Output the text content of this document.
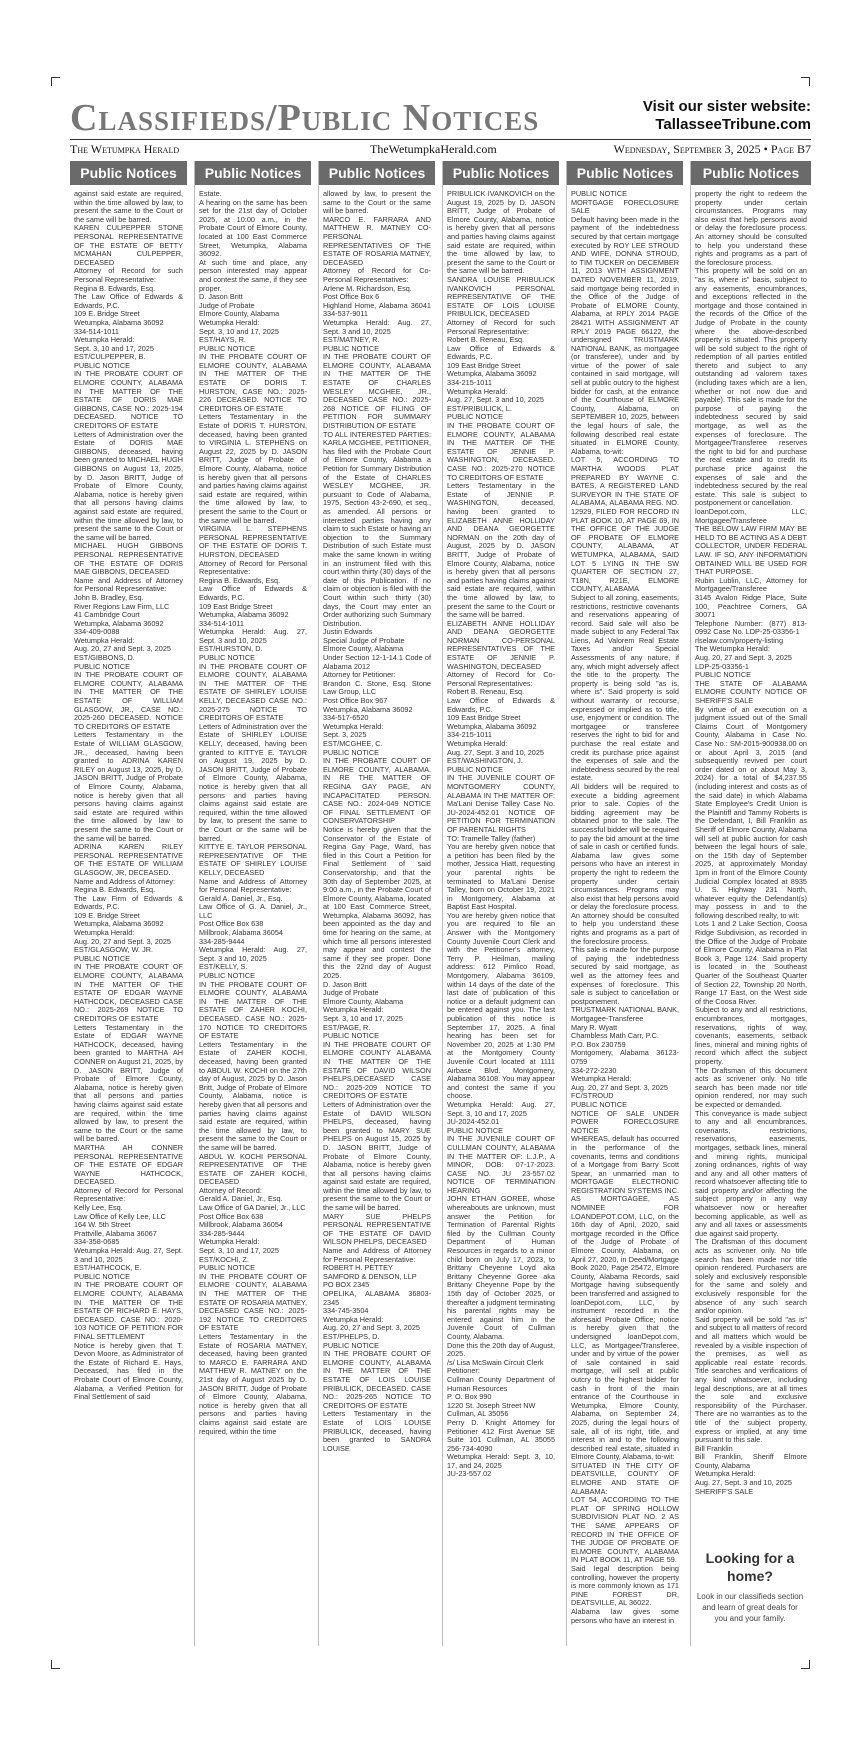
Classifieds/Public Notices	Visit our sister website:
TallasseeTribune.com
The Wetumpka Herald	TheWetumpkaHerald.com	Wednesday, September 3, 2025 • Page B7
Public Notices
against said estate are required, within the time allowed by law, to present the same to the Court or the same will be barred.
KAREN CULPEPPER STONE PERSONAL REPRESENTATIVE OF THE ESTATE OF BETTY MCMAHAN CULPEPPER, DECEASED
Attorney of Record for such Personal Representative:
Regina B. Edwards, Esq.
The Law Office of Edwards & Edwards, P.C.
109 E. Bridge Street
Wetumpka, Alabama 36092
334-514-1011
Wetumpka Herald:
Sept. 3, 10 and 17, 2025
EST/CULPEPPER, B.
PUBLIC NOTICE
IN THE PROBATE COURT OF ELMORE COUNTY, ALABAMA IN THE MATTER OF THE ESTATE OF DORIS MAE GIBBONS, CASE NO.: 2025-194 DECEASED. NOTICE TO CREDITORS OF ESTATE
Letters of Administration over the Estate of DORIS MAE GIBBONS, deceased, having been granted to MICHAEL HUGH GIBBONS on August 13, 2025, by D. Jason BRITT, Judge of Probate of Elmore County, Alabama, notice is hereby given that all persons having claims against said estate are required, within the time allowed by law, to present the same to the Court or the same will be barred.
MICHAEL HUGH GIBBONS PERSONAL REPRESENTATIVE OF THE ESTATE OF DORIS MAE GIBBONS, DECEASED
Name and Address of Attorney for Personal Representative:
John B. Bradley, Esq.
River Regions Law Firm, LLC
41 Cambridge Court
Wetumpka, Alabama 36092
334-409-0088
Wetumpka Herald:
Aug. 20, 27 and Sept. 3, 2025
EST/GIBBONS, D.
PUBLIC NOTICE
IN THE PROBATE COURT OF ELMORE COUNTY, ALABAMA IN THE MATTER OF THE ESTATE OF WILLIAM GLASGOW, JR., CASE NO.: 2025-260 DECEASED. NOTICE TO CREDITORS OF ESTATE
Letters Testamentary in the Estate of WILLIAM GLASGOW, JR., deceased, having been granted to ADRINA KAREN RILEY on August 13, 2025, by D. JASON BRITT, Judge of Probate of Elmore County, Alabama, notice is hereby given that all persons having claims against said estate are required within the time allowed by law to present the same to the Court or the same will be barred.
ADRINA KAREN RILEY PERSONAL REPRESENTATIVE OF THE ESTATE OF WILLIAM GLASGOW, JR, DECEASED.
Name and Address of Attorney:
Regina B. Edwards, Esq.
The Law Firm of Edwards & Edwards, P.C.
109 E. Bridge Street
Wetumpka, Alabama 36092
Wetumpka Herald:
Aug. 20, 27 and Sept. 3, 2025
EST/GLASGOW, W. JR.
PUBLIC NOTICE
IN THE PROBATE COURT OF ELMORE COUNTY, ALABAMA IN THE MATTER OF THE ESTATE OF EDGAR WAYNE HATHCOCK, DECEASED CASE NO.: 2025-269 NOTICE TO CREDITORS OF ESTATE
Letters Testamentary in the Estate of EDGAR WAYNE HATHCOCK, deceased, having been granted to MARTHA AH CONNER on August 21, 2025, by D. JASON BRITT, Judge of Probate of Elmore County, Alabama, notice is hereby given that all persons and parties having claims against said estate are required, within the time allowed by law, to present the same to the Court or the same will be barred.
MARTHA AH CONNER PERSONAL REPRESENTATIVE OF THE ESTATE OF EDGAR WAYNE HATHCOCK, DECEASED.
Attorney of Record for Personal Representative:
Kelly Lee, Esq.
Law Office of Kelly Lee, LLC
164 W. 5th Street
Prattville, Alabama 36067
334-358-0685
Wetumpka Herald: Aug. 27, Sept. 3 and 10, 2025
EST/HATHCOCK, E.
PUBLIC NOTICE
IN THE PROBATE COURT OF ELMORE COUNTY, ALABAMA IN THE MATTER OF THE ESTATE OF RICHARD E. HAYS, DECEASED. CASE NO.: 2020-103 NOTICE OF PETITION FOR FINAL SETTLEMENT
Notice is hereby given that T. Devon Moore, as Administrator of the Estate of Richard E. Hays, Deceased, has filed in the Probate Court of Elmore County, Alabama, a Verified Petition for Final Settlement of said
Public Notices
Estate.
A hearing on the same has been set for the 21st day of October 2025, at 10:00 a.m., in the Probate Court of Elmore County, located at 100 East Commerce Street, Wetumpka, Alabama 36092.
At such time and place, any person interested may appear and contest the same, if they see proper.
D. Jason Britt
Judge of Probate
Elmore County, Alabama
Wetumpka Herald:
Sept. 3, 10 and 17, 2025
EST/HAYS, R.
PUBLIC NOTICE
IN THE PROBATE COURT OF ELMORE COUNTY, ALABAMA IN THE MATTER OF THE ESTATE OF DORIS T. HURSTON, CASE NO.: 2025-226 DECEASED. NOTICE TO CREDITORS OF ESTATE
Letters Testamentary in the Estate of DORIS T. HURSTON, deceased, having been granted to VIRGINIA L. STEPHENS on August 22, 2025 by D. JASON BRITT, Judge of Probate of Elmore County, Alabama, notice is hereby given that all persons and parties having claims against said estate are required, within the time allowed by law, to present the same to the Court or the same will be barred.
VIRGINIA L. STEPHENS PERSONAL REPRESENTATIVE OF THE ESTATE OF DORIS T. HURSTON, DECEASED
Attorney of Record for Personal Representative:
Regina B. Edwards, Esq.
Law Office of Edwards & Edwards, P.C.
109 East Bridge Street
Wetumpka, Alabama 36092
334-514-1011
Wetumpka Herald: Aug. 27, Sept. 3 and 10, 2025
EST/HURSTON, D.
PUBLIC NOTICE
IN THE PROBATE COURT OF ELMORE COUNTY, ALABAMA IN THE MATTER OF THE ESTATE OF SHIRLEY LOUISE KELLY, DECEASED CASE NO.: 2025-275 NOTICE TO CREDITORS OF ESTATE
Letters of Administration over the Estate of SHIRLEY LOUISE KELLY, deceased, having been granted to KITTYE E. TAYLOR on August 19, 2025 by D. JASON BRITT, Judge of Probate of Elmore County, Alabama, notice is hereby given that all persons and parties having claims against said estate are required, within the time allowed by law, to present the same to the Court or the same will be barred.
KITTYE E. TAYLOR PERSONAL REPRESENTATIVE OF THE ESTATE OF SHIRLEY LOUISE KELLY, DECEASED
Name and Address of Attorney for Personal Representative:
Gerald A. Daniel, Jr., Esq.
Law Office of G. A. Daniel, Jr., LLC
Post Office Box 638
Millbrook, Alabama 36054
334-285-9444
Wetumpka Herald: Aug. 27, Sept. 3 and 10, 2025
EST/KELLY, S.
PUBLIC NOTICE
IN THE PROBATE COURT OF ELMORE COUNTY, ALABAMA IN THE MATTER OF THE ESTATE OF ZAHER KOCHI, DECEASED. CASE NO.: 2025-170 NOTICE TO CREDITORS OF ESTATE
Letters Testamentary in the Estate of ZAHER KOCHI, deceased, having been granted to ABDUL W. KOCHI on the 27th day of August, 2025 by D. Jason Britt, Judge of Probate of Elmore County, Alabama, notice is hereby given that all persons and parties having claims against said estate are required, within the time allowed by law, to present the same to the Court or the same will be barred.
ABDUL W. KOCHI PERSONAL REPRESENTATIVE OF THE ESTATE OF ZAHER KOCHI, DECEASED
Attorney of Record:
Gerald A. Daniel, Jr., Esq.
Law Office of GA Daniel, Jr., LLC
Post Office Box 638
Millbrook, Alabama 36054
334-285-9444
Wetumpka Herald:
Sept. 3, 10 and 17, 2025
EST/KOCHI, Z.
PUBLIC NOTICE
IN THE PROBATE COURT OF ELMORE COUNTY, ALABAMA IN THE MATTER OF THE ESTATE OF ROSARIA MATNEY, DECEASED CASE NO.: 2025-192 NOTICE TO CREDITORS OF ESTATE
Letters Testamentary in the Estate of ROSARIA MATNEY, deceased, having been granted to MARCO E. FARRARA AND MATTHEW R. MATNEY on the 21st day of August 2025 by D. JASON BRITT, Judge of Probate of Elmore County, Alabama, notice is hereby given that all persons and parties having claims against said estate are required, within the time
Public Notices
allowed by law, to present the same to the Court or the same will be barred.
MARCO E. FARRARA AND MATTHEW R. MATNEY CO-PERSONAL REPRESENTATIVES OF THE ESTATE OF ROSARIA MATNEY, DECEASED
Attorney of Record for Co-Personal Representatives:
Arlene M. Richardson, Esq.
Post Office Box 6
Highland Home, Alabama 36041 334-537-9011
Wetumpka Herald: Aug. 27, Sept. 3 and 10, 2025
EST/MATNEY, R.
PUBLIC NOTICE
IN THE PROBATE COURT OF ELMORE COUNTY, ALABAMA IN THE MATTER OF THE ESTATE OF CHARLES WESLEY MCGHEE, JR., DECEASED CASE NO.: 2025-268 NOTICE OF FILING OF PETITION FOR SUMMARY DISTRIBUTION OF ESTATE
TO ALL INTERESTED PARTIES: KARLA MCGHEE, PETITIONER, has filed with the Probate Court of Elmore County, Alabama a Petition for Summary Distribution of the Estate of CHARLES WESLEY MCGHEE, JR. pursuant to Code of Alabama, 1975, Section 43-2-690, et seq., as amended. All persons or interested parties having any claim to such Estate or having an objection to the Summary Distribution of such Estate must make the same known in writing in an instrument filed with this court within thirty (30) days of the date of this Publication. If no claim or objection is filed with the Court within such thirty (30) days, the Court may enter an Order authorizing such Summary Distribution.
Justin Edwards
Special Judge of Probate
Elmore County, Alabama
Under Section 12-1-14.1 Code of Alabama 2012
Attorney for Petitioner:
Brandon C. Stone, Esq. Stone Law Group, LLC
Post Office Box 967
Wetumpka, Alabama 36092
334-517-6520
Wetumpka Herald:
Sept. 3, 2025
EST/MCGHEE, C.
PUBLIC NOTICE
IN THE PROBATE COURT OF ELMORE COUNTY, ALABAMA. IN RE THE MATTER OF REGINA GAY PAGE, AN INCAPACITATED PERSON. CASE NO.: 2024-049 NOTICE OF FINAL SETTLEMENT OF CONSERVATORSHIP
Notice is hereby given that the Conservator of the Estate of Regina Gay Page, Ward, has filed in this Court a Petition for Final Settlement of said Conservatorship, and that the 30th day of September 2025, at 9:00 a.m., in the Probate Court of Elmore County, Alabama, located at 100 East Commerce Street, Wetumpka, Alabama 36092, has been appointed as the day and time for hearing on the same, at which time all persons interested may appear and contest the same if they see proper. Done this the 22nd day of August 2025.
D. Jason Britt
Judge of Probate
Elmore County, Alabama
Wetumpka Herald:
Sept. 3, 10 and 17, 2025
EST/PAGE, R.
PUBLIC NOTICE
IN THE PROBATE COURT OF ELMORE COUNTY ALABAMA IN THE MATTER OF THE ESTATE OF DAVID WILSON PHELPS,DECEASED CASE NO.: 2025-209 NOTICE TO CREDITORS OF ESTATE
Letters of Administration over the Estate of DAVID WILSON PHELPS, deceased, having been granted to MARY SUE PHELPS on August 15, 2025 by D. JASON BRITT, Judge of Probate of Elmore County, Alabama, notice is hereby given that all persons having claims against said estate are required, within the time allowed by law, to present the same to the Court or the same will be barred.
MARY SUE PHELPS PERSONAL REPRESENTATIVE OF THE ESTATE OF DAVID WILSON PHELPS, DECEASED
Name and Address of Attorney for Personal Representative:
ROBERT H. PETTEY
SAMFORD & DENSON, LLP
PO BOX 2345
OPELIKA, ALABAMA 36803-2345
334-745-3504
Wetumpka Herald:
Aug. 20, 27 and Sept. 3, 2025
EST/PHELPS, D.
PUBLIC NOTICE
IN THE PROBATE COURT OF ELMORE COUNTY, ALABAMA IN THE MATTER OF THE ESTATE OF LOIS LOUISE PRIBULICK, DECEASED. CASE NO.: 2025-265 NOTICE TO CREDITORS OF ESTATE
Letters Testamentary in the Estate of LOIS LOUISE PRIBULICK, deceased, having been granted to SANDRA LOUISE
Public Notices
PRIBULICK IVANKOVICH on the August 19, 2025 by D. JASON BRITT, Judge of Probate of Elmore County, Alabama, notice is hereby given that all persons and parties having claims against said estate are required, within the time allowed by law, to present the same to the Court or the same will be barred.
SANDRA LOUISE PRIBULICK IVANKOVICH PERSONAL REPRESENTATIVE OF THE ESTATE OF LOIS LOUISE PRIBULICK, DECEASED
Attorney of Record for such Personal Representative:
Robert B. Reneau, Esq.
Law Office of Edwards & Edwards, P.C.
109 East Bridge Street
Wetumpka, Alabama 36092
334-215-1011
Wetumpka Herald:
Aug. 27, Sept. 3 and 10, 2025
EST/PRIBULICK, L.
PUBLIC NOTICE
IN THE PROBATE COURT OF ELMORE COUNTY, ALABAMA IN THE MATTER OF THE ESTATE OF JENNIE P. WASHINGTON, DECEASED. CASE NO.: 2025-270 NOTICE TO CREDITORS OF ESTATE
Letters Testamentary in the Estate of JENNIE P. WASHINGTON, deceased, having been granted to ELIZABETH ANNE HOLLIDAY AND DEANA GEORGETTE NORMAN on the 20th day of August, 2025 by D. JASON BRITT, Judge of Probate of Elmore County, Alabama, notice is hereby given that all persons and parties having claims against said estate are required, within the time allowed by law, to present the same to the Court or the same will be barred.
ELIZABETH ANNE HOLLIDAY AND DEANA GEORGETTE NORMAN CO-PERSONAL REPRESENTATIVES OF THE ESTATE OF JENNIE P. WASHINGTON, DECEASED
Attorney of Record for Co-Personal Representatives:
Robert B. Reneau, Esq.
Law Office of Edwards & Edwards, P.C.
109 East Bridge Street
Wetumpka, Alabama 36092
334-215-1011
Wetumpka Herald:
Aug. 27, Sept. 3 and 10, 2025
EST/WASHINGTON, J.
PUBLIC NOTICE
IN THE JUVENILE COURT OF MONTGOMERY COUNTY, ALABAMA IN THE MATTER OF: Ma'Lani Denise Talley Case No. JU-2024-452.01 NOTICE OF PETITION FOR TERMINATION OF PARENTAL RIGHTS
TO: Tramelle Talley (father)
You are hereby given notice that a petition has been filed by the mother, Jessica Hiatt, requesting your parental rights be terminated to Ma'Lani Denise Talley, born on October 19, 2021 in Montgomery, Alabama at Baptist East Hospital.
You are hereby given notice that you are required to file an Answer with the Montgomery County Juvenile Court Clerk and with the Petitioner's attorney, Terry P. Heilman, mailing address: 612 Pimlico Road, Montgomery, Alabama 36109, within 14 days of the date of the last date of publication of this notice or a default judgment can be entered against you. The last publication of this notice is September 17, 2025. A final hearing has been set for November 20, 2025 at 1:30 PM at the Montgomery County Juvenile Court located at 1111 Airbase Blvd. Montgomery, Alabama 36108. You may appear and contest the same if you choose.
Wetumpka Herald: Aug. 27, Sept. 3, 10 and 17, 2025
JU-2024-452.01
PUBLIC NOTICE
IN THE JUVENILE COURT OF CULLMAN COUNTY, ALABAMA IN THE MATTER OF: L.J.P., A MINOR, DOB: 07-17-2023. CASE NO. JU 23-557.02 NOTICE OF TERMINATION HEARING
JOHN ETHAN GOREE, whose whereabouts are unknown, must answer the Petition for Termination of Parental Rights filed by the Cullman County Department of Human Resources in regards to a minor child born on July 17, 2023, to Brittany Cheyenne Loyd aka Brittany Cheyenne Goree aka Brittany Cheyenne Pope by the 15th day of October 2025, or thereafter a judgment terminating his parental rights may be entered against him in the Juvenile Court of Cullman County, Alabama.
Done this the 20th day of August, 2025.
/s/ Lisa McSwain Circuit Clerk
Petitioner:
Cullman County Department of Human Resources
P. O. Box 990
1220 St. Joseph Street NW
Cullman, AL 35056
Perry D. Knight Attorney for Petitioner 412 First Avenue SE Suite 101 Cullman, AL 35055 256-734-4090
Wetumpka Herald: Sept. 3, 10, 17, and 24, 2025
JU-23-557.02
Public Notices
PUBLIC NOTICE
MORTGAGE FORECLOSURE SALE
Default having been made in the payment of the indebtedness secured by that certain mortgage executed by ROY LEE STROUD AND WIFE, DONNA STROUD, to TIM TUCKER on DECEMBER 11, 2013 WITH ASSIGNMENT DATED NOVEMBER 11, 2019, said mortgage being recorded in the Office of the Judge of Probate of ELMORE County, Alabama, at RPLY 2014 PAGE 28421 WITH ASSIGNMENT AT RPLY 2019 PAGE 66122, the undersigned TRUSTMARK NATIONAL BANK, as mortgagee (or transferee), under and by virtue of the power of sale contained in said mortgage, will sell at public outcry to the highest bidder for cash, at the entrance of the Courthouse of ELMORE County, Alabama, on SEPTEMBER 10, 2025, between the legal hours of sale, the following described real estate situated in ELMORE County, Alabama, to-wit:
LOT 5, ACCORDING TO MARTHA WOODS PLAT PREPARED BY WAYNE C. BATES, A REGISTERED LAND SURVEYOR IN THE STATE OF ALABAMA, ALABAMA REG. NO. 12929, FILED FOR RECORD IN PLAT BOOK 10, AT PAGE 69, IN THE OFFICE OF THE JUDGE OF PROBATE OF ELMORE COUNTY, ALABAMA, AT WETUMPKA, ALABAMA, SAID LOT 5 LYING IN THE SW QUARTER OF SECTION 27, T18N, R21E, ELMORE COUNTY, ALABAMA
Subject to all zoning, easements, restrictions, restrictive covenants and reservations appearing of record. Said sale will also be made subject to any Federal Tax Liens, Ad Valorem Real Estate Taxes and/or Special Assessments of any nature, if any, which might adversely affect the title to the property. The property is being sold "as is, where is". Said property is sold without warranty or recourse, expressed or implied as to title, use, enjoyment or condition. The mortgagee or transferee reserves the right to bid for and purchase the real estate and credit its purchase price against the expenses of sale and the indebtedness secured by the real estate.
All bidders will be required to execute a bidding agreement prior to sale. Copies of the bidding agreement may be obtained prior to the sale. The successful bidder will be required to pay the bid amount at the time of sale in cash or certified funds. Alabama law gives some persons who have an interest in property the right to redeem the property under certain circumstances. Programs may also exist that help persons avoid or delay the foreclosure process. An attorney should be consulted to help you understand these rights and programs as a part of the foreclosure process.
This sale is made for the purpose of paying the indebtedness secured by said mortgage, as well as the attorney fees and expenses of foreclosure. This sale is subject to cancellation or postponement.
TRUSTMARK NATIONAL BANK, Mortgagee-Transferee
Mary R. Wyatt
Chambless Math Carr, P.C.
P.O. Box 230759
Montgomery, Alabama 36123-0759
334-272-2230
Wetumpka Herald:
Aug. 20, 27 and Sept. 3, 2025
FC/STROUD
PUBLIC NOTICE
NOTICE OF SALE UNDER POWER FORECLOSURE NOTICE
WHEREAS, default has occurred in the performance of the covenants, terms and conditions of a Mortgage from Barry Scott Spear, an unmarried man to MORTGAGE ELECTRONIC REGISTRATION SYSTEMS INC. AS MORTGAGEE, AS NOMINEE FOR LOANDEPOT.COM, LLC, on the 16th day of April, 2020, said mortgage recorded in the Office of the Judge of Probate of Elmore County, Alabama, on April 27, 2020, in Deed/Mortgage Book 2020, Page 25472, Elmore County, Alabama Records, said Mortgage having subsequently been transferred and assigned to loanDepot.com, LLC, by instrument recorded in the aforesaid Probate Office; notice is hereby given that the undersigned loanDepot.com, LLC, as Mortgagee/Transferee, under and by virtue of the power of sale contained in said mortgage, will sell at public outcry to the highest bidder for cash in front of the main entrance of the Courthouse in Wetumpka, Elmore County, Alabama, on September 24, 2025, during the legal hours of sale, all of its right, title, and interest in and to the following described real estate, situated in Elmore County, Alabama, to-wit:
SITUATED IN THE CITY OF DEATSVILLE, COUNTY OF ELMORE AND STATE OF ALABAMA:
LOT 54, ACCORDING TO THE PLAT OF SPRING HOLLOW SUBDIVISION PLAT NO. 2 AS THE SAME APPEARS OF RECORD IN THE OFFICE OF THE JUDGE OF PROBATE OF ELMORE COUNTY, ALABAMA IN PLAT BOOK 11, AT PAGE 59.
Said legal description being controlling, however the property is more commonly known as 171 PINE FOREST DR, DEATSVILLE, AL 36022.
Alabama law gives some persons who have an interest in
Public Notices
property the right to redeem the property under certain circumstances. Programs may also exist that help persons avoid or delay the foreclosure process. An attorney should be consulted to help you understand these rights and programs as a part of the foreclosure process.
This property will be sold on an "as is, where is" basis, subject to any easements, encumbrances, and exceptions reflected in the mortgage and those contained in the records of the Office of the Judge of Probate in the county where the above-described property is situated. This property will be sold subject to the right of redemption of all parties entitled thereto and subject to any outstanding ad valorem taxes (including taxes which are a lien, whether or not now due and payable). This sale is made for the purpose of paying the indebtedness secured by said mortgage, as well as the expenses of foreclosure. The Mortgagee/Transferee reserves the right to bid for and purchase the real estate and to credit its purchase price against the expenses of sale and the indebtedness secured by the real estate. This sale is subject to postponement or cancellation.
loanDepot.com, LLC, Mortgagee/Transferee
THE BELOW LAW FIRM MAY BE HELD TO BE ACTING AS A DEBT COLLECTOR, UNDER FEDERAL LAW. IF SO, ANY INFORMATION OBTAINED WILL BE USED FOR THAT PURPOSE.
Rubin Lublin, LLC, Attorney for Mortgagee/Transferee
3145 Avalon Ridge Place, Suite 100, Peachtree Corners, GA 30071
Telephone Number: (877) 813-0992 Case No. LDP-25-03356-1
rlselaw.com/property-listing
The Wetumpka Herald:
Aug. 20, 27 and Sept. 3, 2025
LDP-25-03356-1
PUBLIC NOTICE
THE STATE OF ALABAMA ELMORE COUNTY NOTICE OF SHERIFF'S SALE
By virtue of an execution on a judgment issued out of the Small Claims Court of Montgomery County, Alabama in Case No. Case No.: SM-2015-900938.00 on or about April 3, 2015 (and subsequently revived per court order dated on or about May 3, 2024) for a total of $4,237.55 (including interest and costs as of the said date) in which Alabama State Employee's Credit Union is the Plaintiff and Tammy Roberts is the Defendant, I, Bill Franklin as Sheriff of Elmore County, Alabama will sell at public auction for cash between the legal hours of sale, on the 15th day of September 2025, at approximately Monday 1pm in front of the Elmore County Judicial Complex located at 8935 U. S. Highway 231 North, whatever equity the Defendant(s) may possess in and to the following described realty, to wit:
Lots 1 and 2 Lake Section, Coosa Ridge Subdivision, as recorded in the Office of the Judge of Probate of Elmore County, Alabama in Plat Book 3, Page 124. Said property is located in the Southeast Quarter of the Southeast Quarter of Section 22, Township 20 North, Range 17 East, on the West side of the Coosa River.
Subject to any and all restrictions, encumbrances, mortgages, reservations, rights of way, covenants, easements, setback lines, mineral and mining rights of record which affect the subject property.
The Draftsman of this document acts as scrivener only. No title search has been made nor title opinion rendered, nor may such be expected or demanded.
This conveyance is made subject to any and all encumbrances, covenants, restrictions, reservations, easements, mortgages, setback lines, mineral and mining rights, municipal zoning ordinances, rights of way and any and all other matters of record whatsoever affecting title to said property and/or affecting the subject property in any way whatsoever now or hereafter becoming applicable, as well as any and all taxes or assessments due against said property.
The Draftsman of this document acts as scrivener only. No title search has been made nor title opinion rendered. Purchasers are solely and exclusively responsible for the same and solely and exclusively responsible for the absence of any such search and/or opinion.
Said property will be sold "as is" and subject to all matters of record and all matters which would be revealed by a visible inspection of the premises, as well as applicable real estate records. Title searches and verifications of any kind whatsoever, including legal descriptions, are at all times the sole and exclusive responsibility of the Purchaser. There are no warranties as to the title of the subject property, express or implied, at any time pursuant to this sale.
Bill Franklin
Bill Franklin, Sheriff Elmore County, Alabama
Wetumpka Herald:
Aug. 27, Sept. 3 and 10, 2025
SHERIFF'S SALE
Looking for a home?
Look in our classifieds section and learn of great deals for you and your family.
